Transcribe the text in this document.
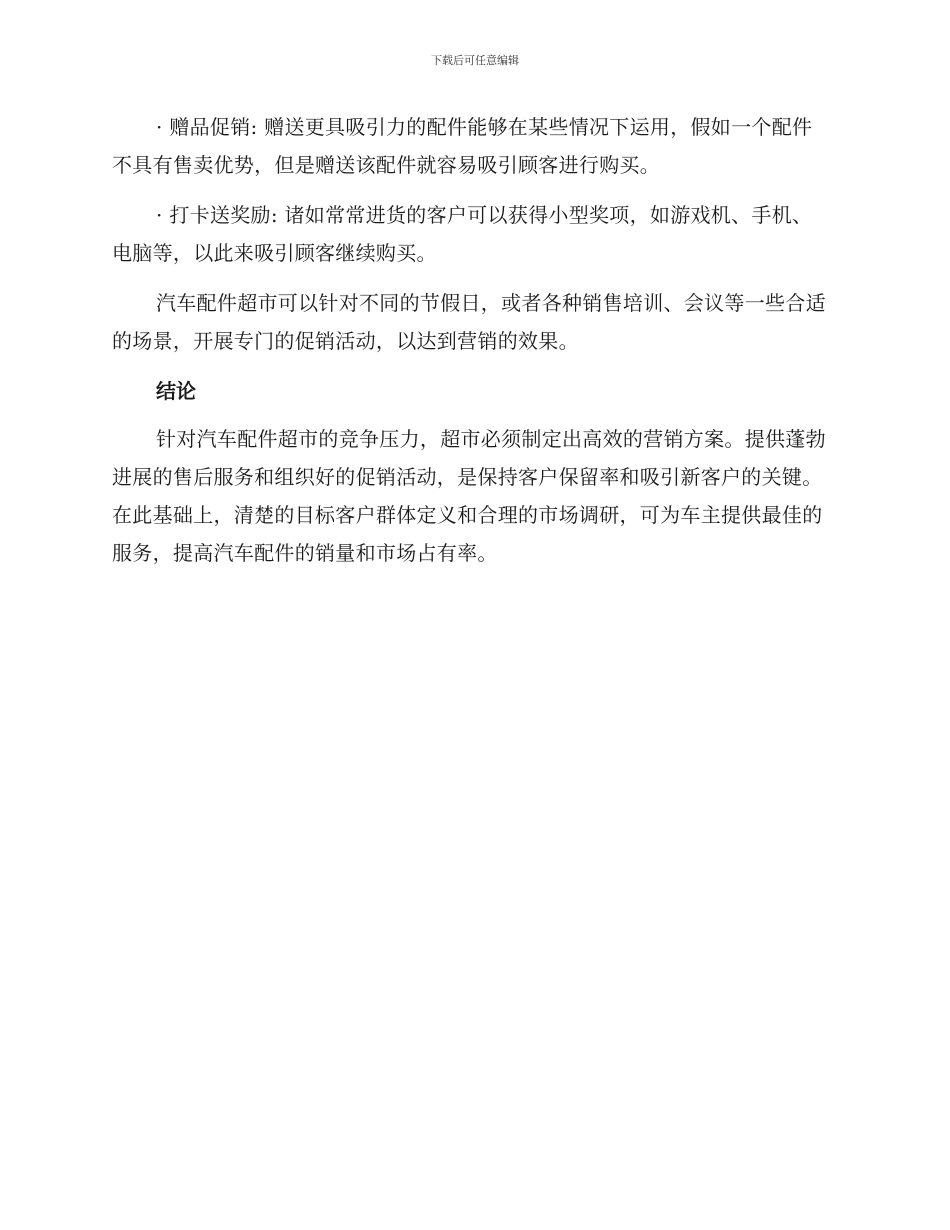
下载后可任意编辑

· 赠品促销: 赠送更具吸引力的配件能够在某些情况下运用，假如一个配件不具有售卖优势，但是赠送该配件就容易吸引顾客进行购买。

· 打卡送奖励: 诸如常常进货的客户可以获得小型奖项，如游戏机、手机、电脑等，以此来吸引顾客继续购买。

汽车配件超市可以针对不同的节假日，或者各种销售培训、会议等一些合适的场景，开展专门的促销活动，以达到营销的效果。

结论

针对汽车配件超市的竞争压力，超市必须制定出高效的营销方案。提供蓬勃进展的售后服务和组织好的促销活动，是保持客户保留率和吸引新客户的关键。在此基础上，清楚的目标客户群体定义和合理的市场调研，可为车主提供最佳的服务，提高汽车配件的销量和市场占有率。
